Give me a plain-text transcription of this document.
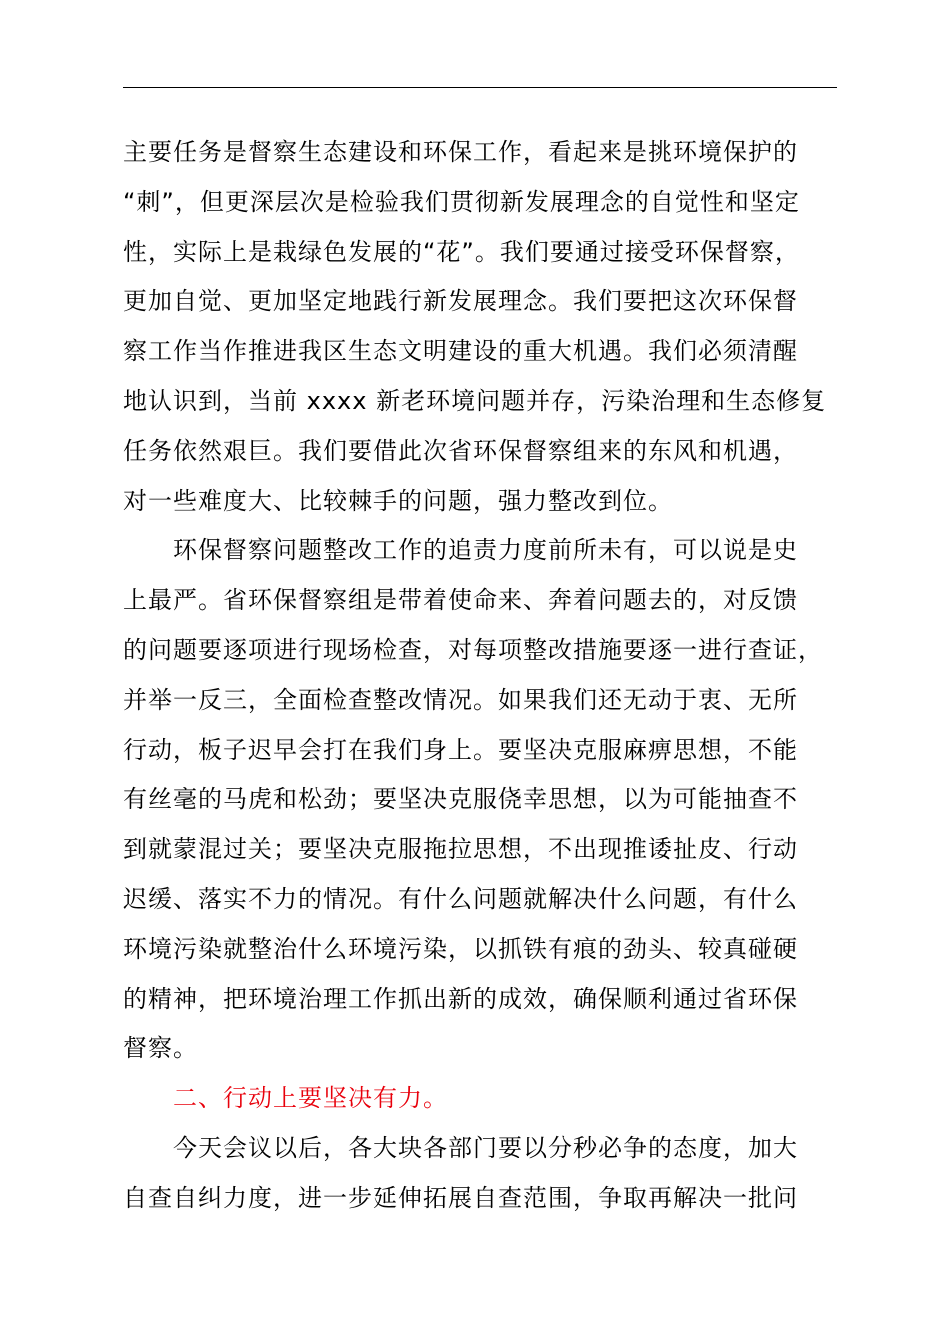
主要任务是督察生态建设和环保工作，看起来是挑环境保护的
“刺”，但更深层次是检验我们贯彻新发展理念的自觉性和坚定
性，实际上是栽绿色发展的“花”。我们要通过接受环保督察，
更加自觉、更加坚定地践行新发展理念。我们要把这次环保督
察工作当作推进我区生态文明建设的重大机遇。我们必须清醒
地认识到，当前 xxxx 新老环境问题并存，污染治理和生态修复
任务依然艰巨。我们要借此次省环保督察组来的东风和机遇，
对一些难度大、比较棘手的问题，强力整改到位。
环保督察问题整改工作的追责力度前所未有，可以说是史
上最严。省环保督察组是带着使命来、奔着问题去的，对反馈
的问题要逐项进行现场检查，对每项整改措施要逐一进行查证，
并举一反三，全面检查整改情况。如果我们还无动于衷、无所
行动，板子迟早会打在我们身上。要坚决克服麻痹思想，不能
有丝毫的马虎和松劲；要坚决克服侥幸思想，以为可能抽查不
到就蒙混过关；要坚决克服拖拉思想，不出现推诿扯皮、行动
迟缓、落实不力的情况。有什么问题就解决什么问题，有什么
环境污染就整治什么环境污染，以抓铁有痕的劲头、较真碰硬
的精神，把环境治理工作抓出新的成效，确保顺利通过省环保
督察。
二、行动上要坚决有力。
今天会议以后，各大块各部门要以分秒必争的态度，加大
自查自纠力度，进一步延伸拓展自查范围，争取再解决一批问
